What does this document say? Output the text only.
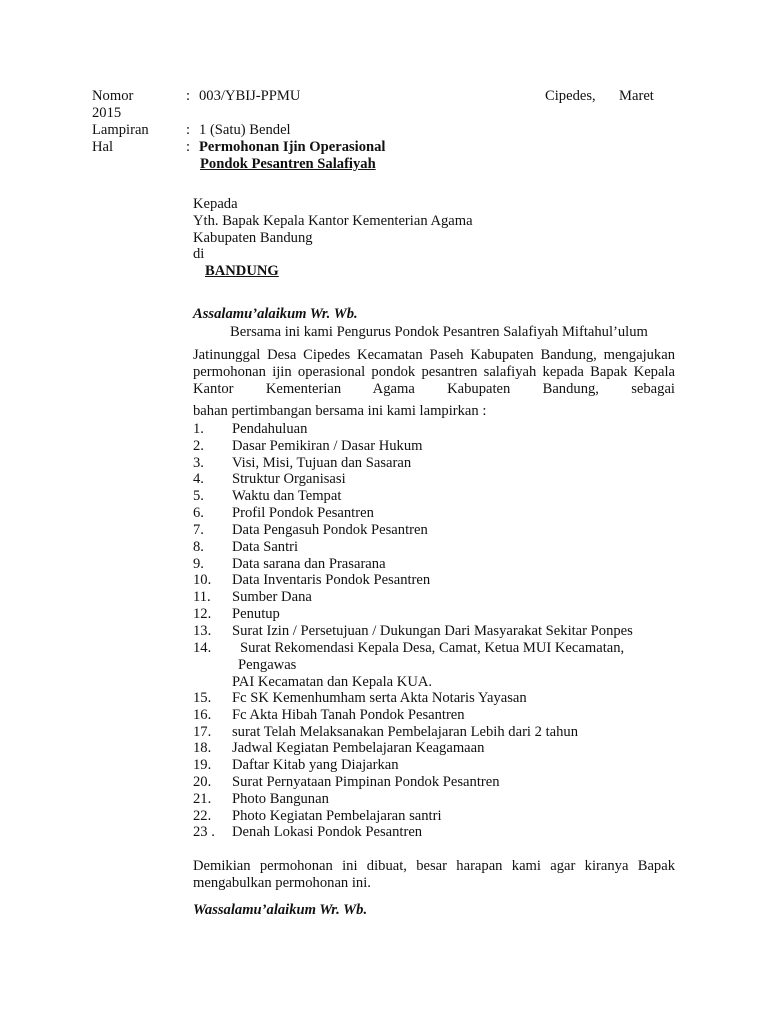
Nomor	: 003/YBIJ-PPMU	Cipedes, Maret
2015
Lampiran	: 1 (Satu) Bendel
Hal	: Permohonan Ijin Operasional
Pondok Pesantren Salafiyah
Kepada
Yth. Bapak Kepala Kantor Kementerian Agama
Kabupaten Bandung
di
BANDUNG
Assalamu’alaikum Wr. Wb.
Bersama ini kami Pengurus Pondok Pesantren Salafiyah Miftahul’ulum
Jatinunggal Desa Cipedes Kecamatan Paseh Kabupaten Bandung, mengajukan permohonan ijin operasional pondok pesantren salafiyah kepada Bapak Kepala Kantor Kementerian Agama Kabupaten Bandung, sebagai
bahan pertimbangan bersama ini kami lampirkan :
1. Pendahuluan
2. Dasar Pemikiran / Dasar Hukum
3. Visi, Misi, Tujuan dan Sasaran
4. Struktur Organisasi
5. Waktu dan Tempat
6. Profil Pondok Pesantren
7. Data Pengasuh Pondok Pesantren
8. Data Santri
9. Data sarana dan Prasarana
10. Data Inventaris Pondok Pesantren
11. Sumber Dana
12. Penutup
13. Surat Izin / Persetujuan / Dukungan Dari Masyarakat Sekitar Ponpes
14. Surat Rekomendasi Kepala Desa, Camat, Ketua MUI Kecamatan,
Pengawas
PAI Kecamatan dan Kepala KUA.
15. Fc SK Kemenhumham serta Akta Notaris Yayasan
16. Fc Akta Hibah Tanah Pondok Pesantren
17. surat Telah Melaksanakan Pembelajaran Lebih dari 2 tahun
18. Jadwal Kegiatan Pembelajaran Keagamaan
19. Daftar Kitab yang Diajarkan
20. Surat Pernyataan Pimpinan Pondok Pesantren
21. Photo Bangunan
22. Photo Kegiatan Pembelajaran santri
23 . Denah Lokasi Pondok Pesantren
Demikian permohonan ini dibuat, besar harapan kami agar kiranya Bapak
mengabulkan permohonan ini.
Wassalamu’alaikum Wr. Wb.
